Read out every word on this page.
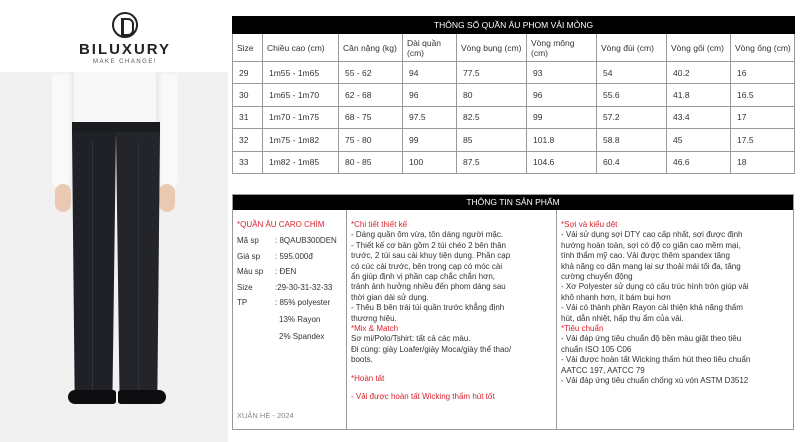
BILUXURY
MAKE CHANGE!
THÔNG SỐ QUẦN ÂU PHOM VẢI MỎNG								
Size	Chiều cao (cm)	Cân nặng (kg)	Dài quần (cm)	Vòng bụng (cm)	Vòng mông (cm)	Vòng đùi (cm)	Vòng gối (cm)	Vòng ống (cm)
29	1m55 - 1m65	55 - 62	94	77.5	93	54	40.2	16
30	1m65 - 1m70	62 - 68	96	80	96	55.6	41.8	16.5
31	1m70 - 1m75	68 - 75	97.5	82.5	99	57.2	43.4	17
32	1m75 - 1m82	75 - 80	99	85	101.8	58.8	45	17.5
33	1m82 - 1m85	80 - 85	100	87.5	104.6	60.4	46.6	18
THÔNG TIN SẢN PHẨM
*QUẦN ÂU CARO CHÌM
Mã sp	: 8QAUB300DEN
Giá sp	: 595.000đ
Màu sp	: ĐEN
Size	:29-30-31-32-33
TP	: 85% polyester
13% Rayon
2% Spandex
XUÂN HÈ - 2024
*Chi tiết thiết kế
- Dáng quần ôm vừa, tôn dáng người mặc.
- Thiết kế cơ bản gồm 2 túi chéo 2 bên thân
trước, 2 túi sau cài khuy tiện dụng. Phần cạp
có cúc cài trước, bên trong cạp có móc cài
ẩn giúp định vị phần cạp chắc chắn hơn,
tránh ảnh hưởng nhiều đến phom dáng sau
thời gian dài sử dụng.
- Thêu B bên trái túi quần trước khẳng định
thương hiệu.
*Mix & Match
Sơ mi/Polo/Tshirt: tất cả các màu.
Đi cùng: giày Loafer/giày Moca/giày thể thao/
boots.
*Hoàn tất
- Vải được hoàn tất Wicking thấm hút tốt
*Sợi và kiểu dệt
- Vải sử dụng sợi DTY cao cấp nhất, sợi được định
hướng hoàn toàn, sợi có độ co giãn cao mềm mại,
tính thẩm mỹ cao. Vải được thêm spandex tăng
khả năng co dãn mang lại sự thoải mái tối đa, tăng
cường chuyển động
- Xơ Polyester sử dụng có cấu trúc hình tròn giúp vải
khô nhanh hơn, ít bám bụi hơn
- Vải có thành phần Rayon cải thiện khả năng thấm
hút, dẫn nhiệt, hấp thụ ẩm của vải.
*Tiêu chuẩn
- Vải đáp ứng tiêu chuẩn độ bền màu giặt theo tiêu
chuẩn ISO 105 C06
- Vải được hoàn tất Wicking thấm hút theo tiêu chuẩn
AATCC 197, AATCC 79
- Vải đáp ứng tiêu chuẩn chống xù vón ASTM D3512
